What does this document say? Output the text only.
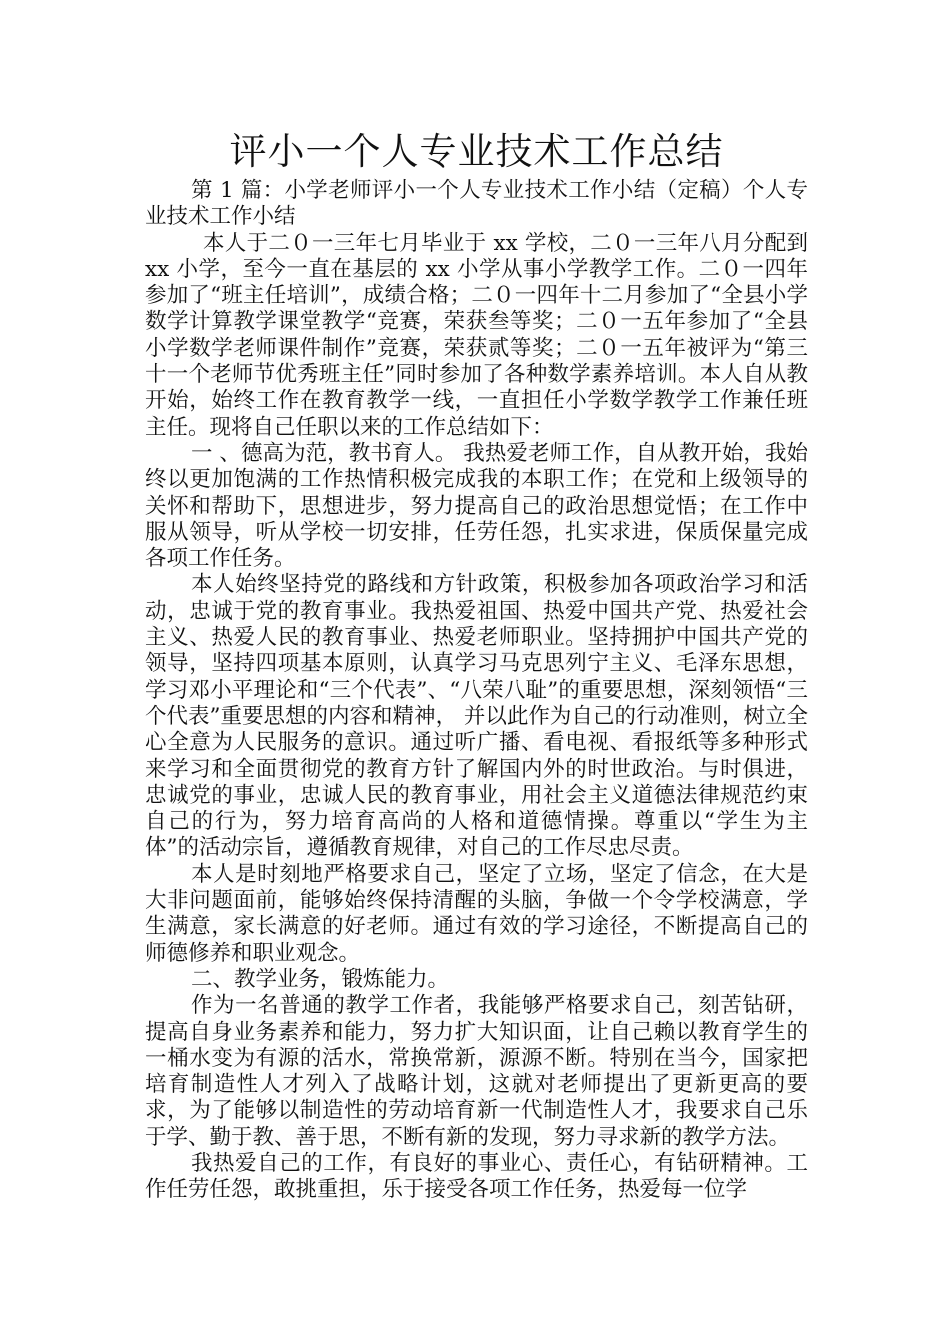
评小一个人专业技术工作总结

第 1 篇：小学老师评小一个人专业技术工作小结（定稿）个人专业技术工作小结

本人于二０一三年七月毕业于 xx 学校，二０一三年八月分配到 xx 小学，至今一直在基层的 xx 小学从事小学教学工作。二０一四年参加了“班主任培训”，成绩合格；二０一四年十二月参加了“全县小学数学计算教学课堂教学“竞赛，荣获叁等奖；二０一五年参加了“全县小学数学老师课件制作”竞赛，荣获贰等奖；二０一五年被评为“第三十一个老师节优秀班主任”同时参加了各种数学素养培训。本人自从教开始，始终工作在教育教学一线，一直担任小学数学教学工作兼任班主任。现将自己任职以来的工作总结如下：

一 、德高为范，教书育人。 我热爱老师工作，自从教开始，我始终以更加饱满的工作热情积极完成我的本职工作；在党和上级领导的关怀和帮助下，思想进步，努力提高自己的政治思想觉悟；在工作中服从领导，听从学校一切安排，任劳任怨，扎实求进，保质保量完成各项工作任务。

本人始终坚持党的路线和方针政策，积极参加各项政治学习和活动，忠诚于党的教育事业。我热爱祖国、热爱中国共产党、热爱社会主义、热爱人民的教育事业、热爱老师职业。坚持拥护中国共产党的领导，坚持四项基本原则，认真学习马克思列宁主义、毛泽东思想，学习邓小平理论和“三个代表”、“八荣八耻”的重要思想，深刻领悟“三个代表”重要思想的内容和精神， 并以此作为自己的行动准则，树立全心全意为人民服务的意识。通过听广播、看电视、看报纸等多种形式来学习和全面贯彻党的教育方针了解国内外的时世政治。与时俱进，忠诚党的事业，忠诚人民的教育事业，用社会主义道德法律规范约束自己的行为，努力培育高尚的人格和道德情操。尊重以“学生为主体”的活动宗旨，遵循教育规律，对自己的工作尽忠尽责。

本人是时刻地严格要求自己，坚定了立场，坚定了信念，在大是大非问题面前，能够始终保持清醒的头脑，争做一个令学校满意，学生满意，家长满意的好老师。通过有效的学习途径，不断提高自己的师德修养和职业观念。

二、教学业务，锻炼能力。

作为一名普通的教学工作者，我能够严格要求自己，刻苦钻研，提高自身业务素养和能力，努力扩大知识面，让自己赖以教育学生的一桶水变为有源的活水，常换常新，源源不断。特别在当今，国家把培育制造性人才列入了战略计划，这就对老师提出了更新更高的要求，为了能够以制造性的劳动培育新一代制造性人才，我要求自己乐于学、勤于教、善于思，不断有新的发现，努力寻求新的教学方法。

我热爱自己的工作，有良好的事业心、责任心，有钻研精神。工作任劳任怨，敢挑重担，乐于接受各项工作任务，热爱每一位学
